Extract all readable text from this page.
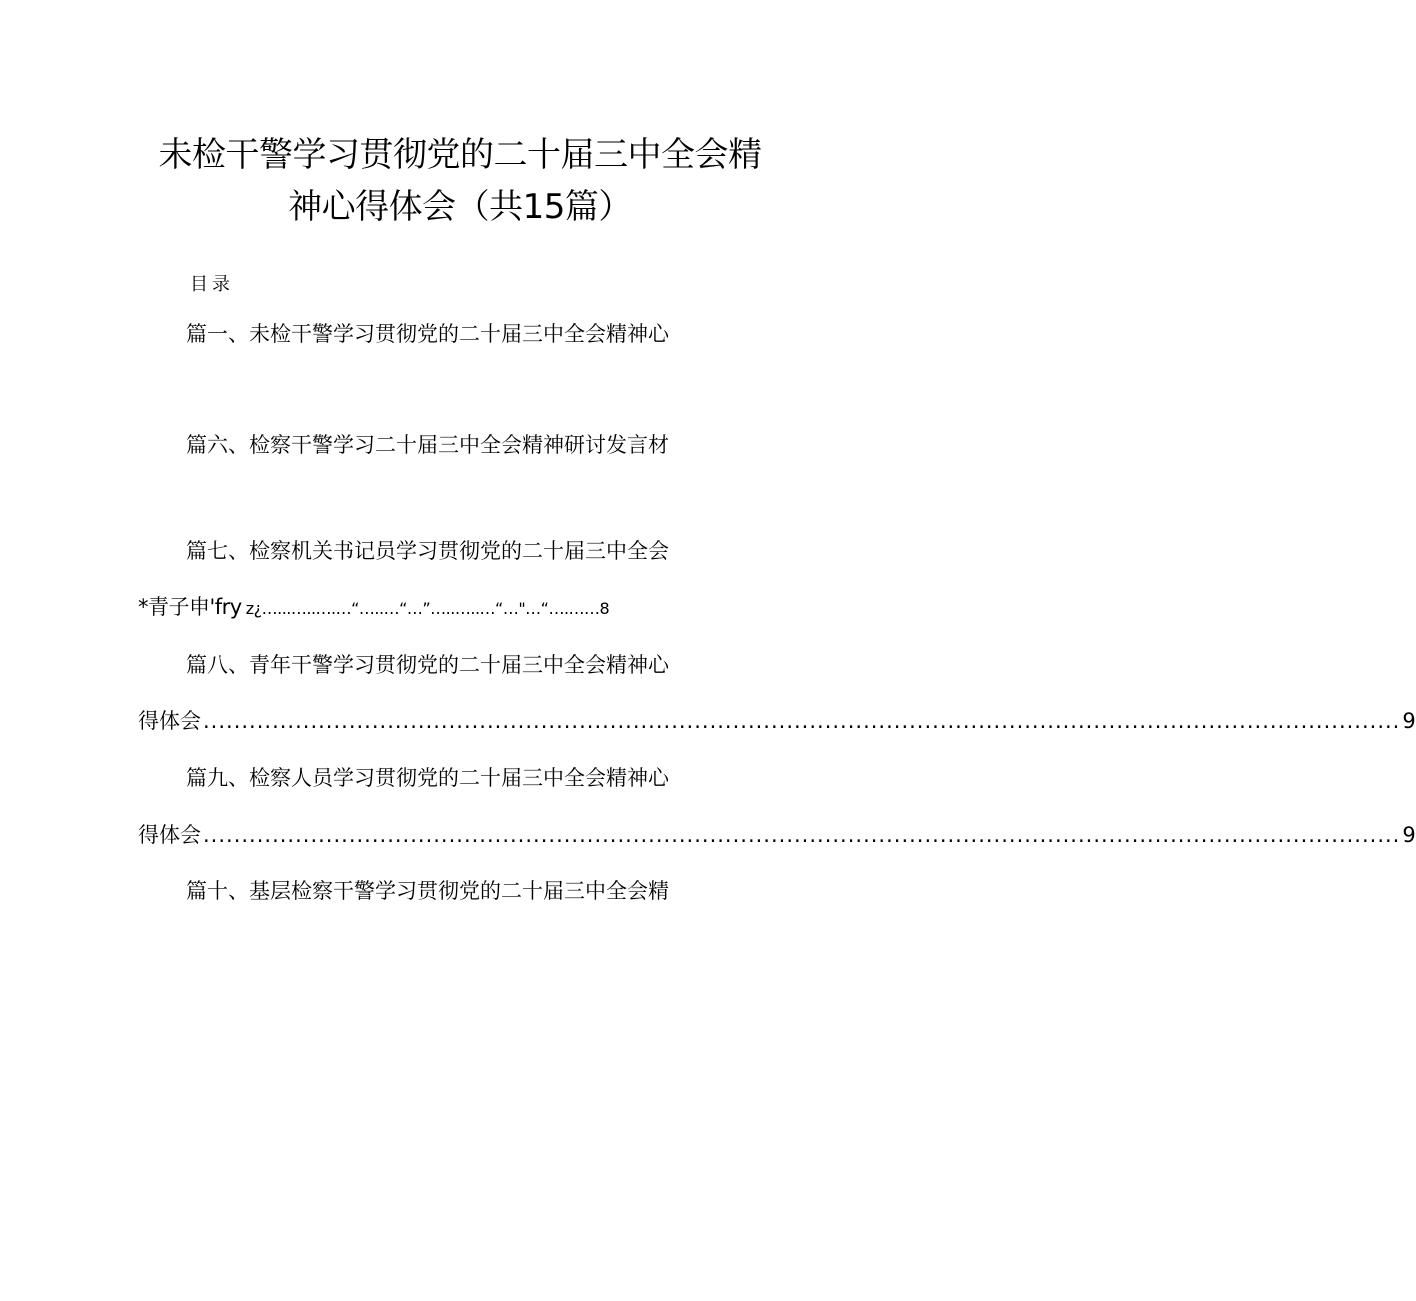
未检干警学习贯彻党的二十届三中全会精
神心得体会（共15篇）
目录
篇一、未检干警学习贯彻党的二十届三中全会精神心
篇六、检察干警学习二十届三中全会精神研讨发言材
篇七、检察机关书记员学习贯彻党的二十届三中全会
*青子申'fry z¿…...…..….…“…..…“…”…..…..…“…"…“….……8
篇八、青年干警学习贯彻党的二十届三中全会精神心
得体会 ............................................................................................................................................................ 9
篇九、检察人员学习贯彻党的二十届三中全会精神心
得体会 ............................................................................................................................................................ 9
篇十、基层检察干警学习贯彻党的二十届三中全会精
